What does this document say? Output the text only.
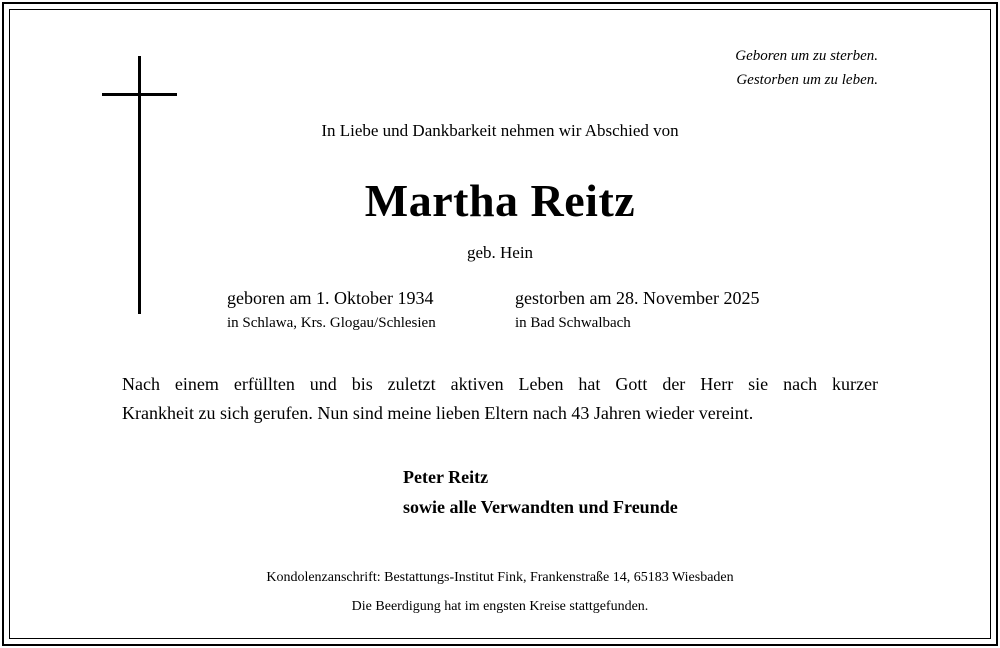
Geboren um zu sterben.
Gestorben um zu leben.
In Liebe und Dankbarkeit nehmen wir Abschied von
Martha Reitz
geb. Hein
geboren am 1. Oktober 1934
in Schlawa, Krs. Glogau/Schlesien
gestorben am 28. November 2025
in Bad Schwalbach
Nach einem erfüllten und bis zuletzt aktiven Leben hat Gott der Herr sie nach kurzer
Krankheit zu sich gerufen. Nun sind meine lieben Eltern nach 43 Jahren wieder vereint.
Peter Reitz
sowie alle Verwandten und Freunde
Kondolenzanschrift: Bestattungs-Institut Fink, Frankenstraße 14, 65183 Wiesbaden
Die Beerdigung hat im engsten Kreise stattgefunden.
